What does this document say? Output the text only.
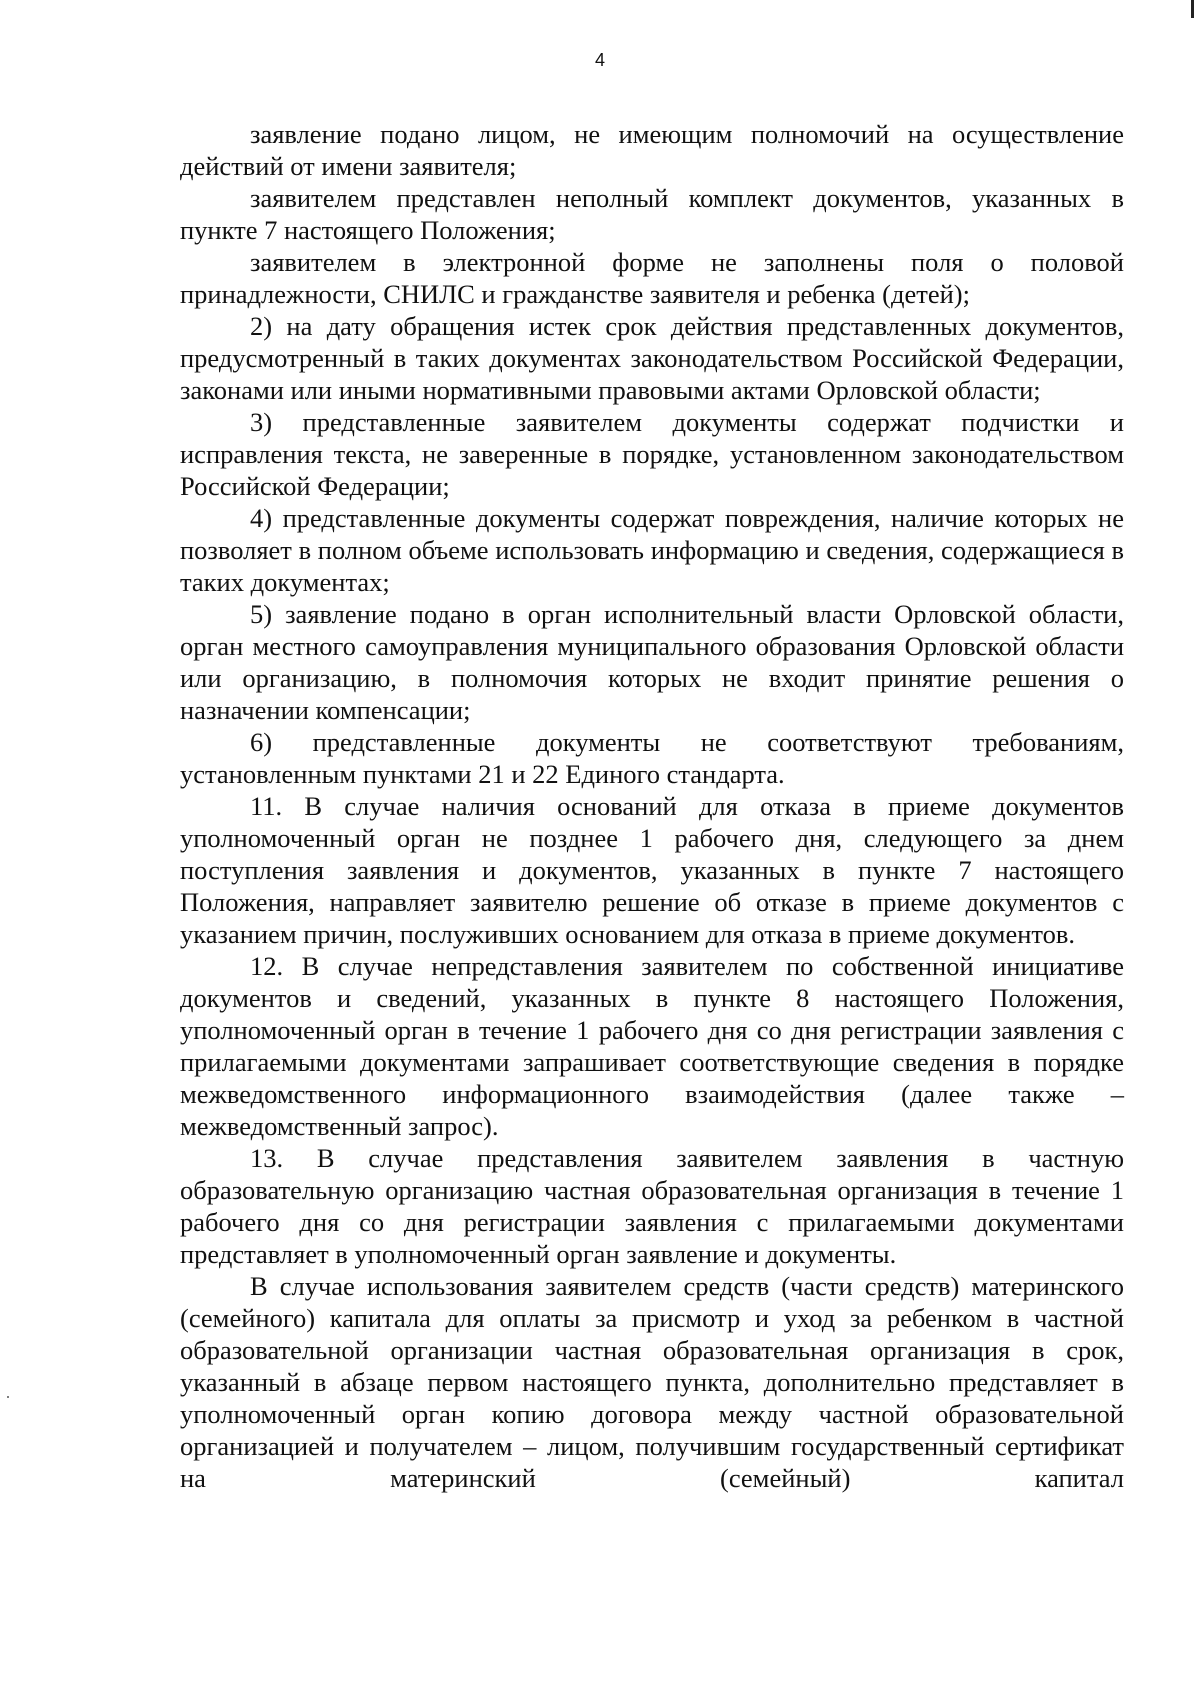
4

заявление подано лицом, не имеющим полномочий на осуществление действий от имени заявителя;

заявителем представлен неполный комплект документов, указанных в пункте 7 настоящего Положения;

заявителем в электронной форме не заполнены поля о половой принадлежности, СНИЛС и гражданстве заявителя и ребенка (детей);

2) на дату обращения истек срок действия представленных документов, предусмотренный в таких документах законодательством Российской Федерации, законами или иными нормативными правовыми актами Орловской области;

3) представленные заявителем документы содержат подчистки и исправления текста, не заверенные в порядке, установленном законодательством Российской Федерации;

4) представленные документы содержат повреждения, наличие которых не позволяет в полном объеме использовать информацию и сведения, содержащиеся в таких документах;

5) заявление подано в орган исполнительный власти Орловской области, орган местного самоуправления муниципального образования Орловской области или организацию, в полномочия которых не входит принятие решения о назначении компенсации;

6) представленные документы не соответствуют требованиям, установленным пунктами 21 и 22 Единого стандарта.

11. В случае наличия оснований для отказа в приеме документов уполномоченный орган не позднее 1 рабочего дня, следующего за днем поступления заявления и документов, указанных в пункте 7 настоящего Положения, направляет заявителю решение об отказе в приеме документов с указанием причин, послуживших основанием для отказа в приеме документов.

12. В случае непредставления заявителем по собственной инициативе документов и сведений, указанных в пункте 8 настоящего Положения, уполномоченный орган в течение 1 рабочего дня со дня регистрации заявления с прилагаемыми документами запрашивает соответствующие сведения в порядке межведомственного информационного взаимодействия (далее также – межведомственный запрос).

13. В случае представления заявителем заявления в частную образовательную организацию частная образовательная организация в течение 1 рабочего дня со дня регистрации заявления с прилагаемыми документами представляет в уполномоченный орган заявление и документы.

В случае использования заявителем средств (части средств) материнского (семейного) капитала для оплаты за присмотр и уход за ребенком в частной образовательной организации частная образовательная организация в срок, указанный в абзаце первом настоящего пункта, дополнительно представляет в уполномоченный орган копию договора между частной образовательной организацией и получателем – лицом, получившим государственный сертификат на материнский (семейный) капитал
